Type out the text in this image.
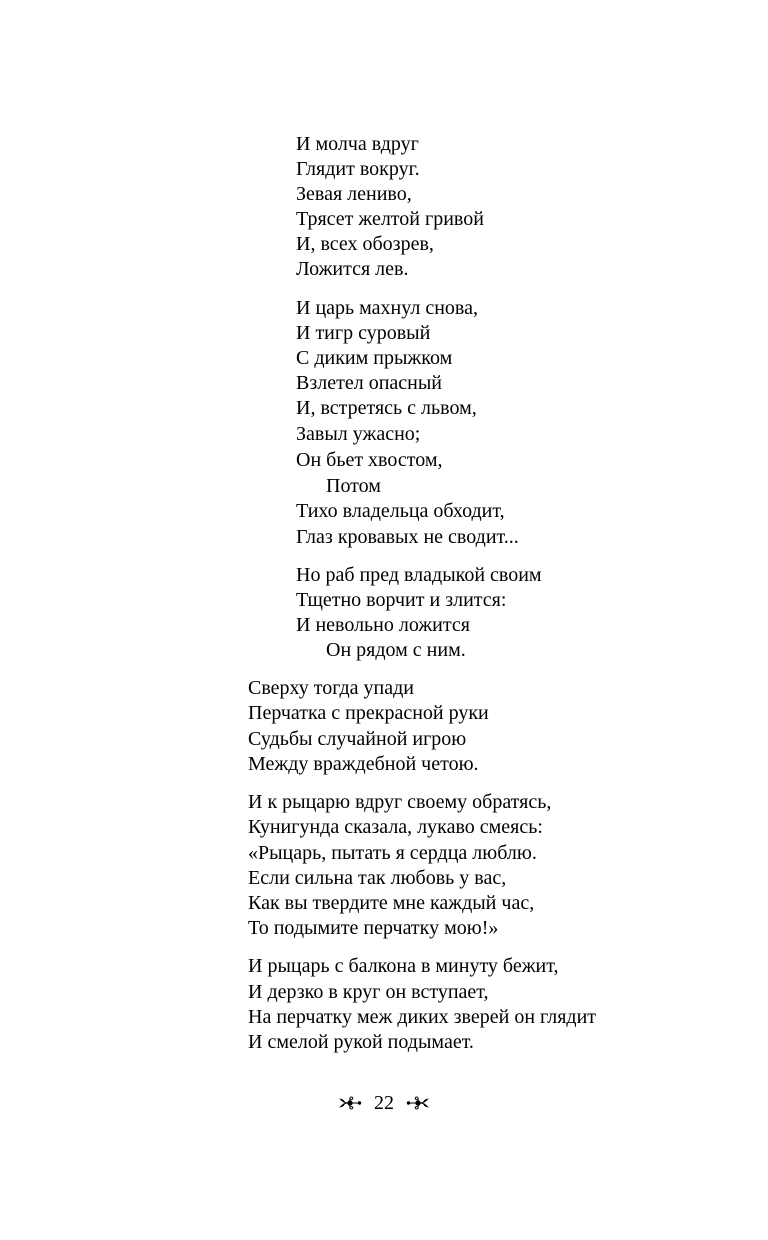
И молча вдруг
Глядит вокруг.
Зевая лениво,
Трясет желтой гривой
И, всех обозрев,
Ложится лев.
И царь махнул снова,
И тигр суровый
С диким прыжком
Взлетел опасный
И, встретясь с львом,
Завыл ужасно;
Он бьет хвостом,
Потом
Тихо владельца обходит,
Глаз кровавых не сводит...
Но раб пред владыкой своим
Тщетно ворчит и злится:
И невольно ложится
Он рядом с ним.
Сверху тогда упади
Перчатка с прекрасной руки
Судьбы случайной игрою
Между враждебной четою.
И к рыцарю вдруг своему обратясь,
Кунигунда сказала, лукаво смеясь:
«Рыцарь, пытать я сердца люблю.
Если сильна так любовь у вас,
Как вы твердите мне каждый час,
То подымите перчатку мою!»
И рыцарь с балкона в минуту бежит,
И дерзко в круг он вступает,
На перчатку меж диких зверей он глядит
И смелой рукой подымает.
22
